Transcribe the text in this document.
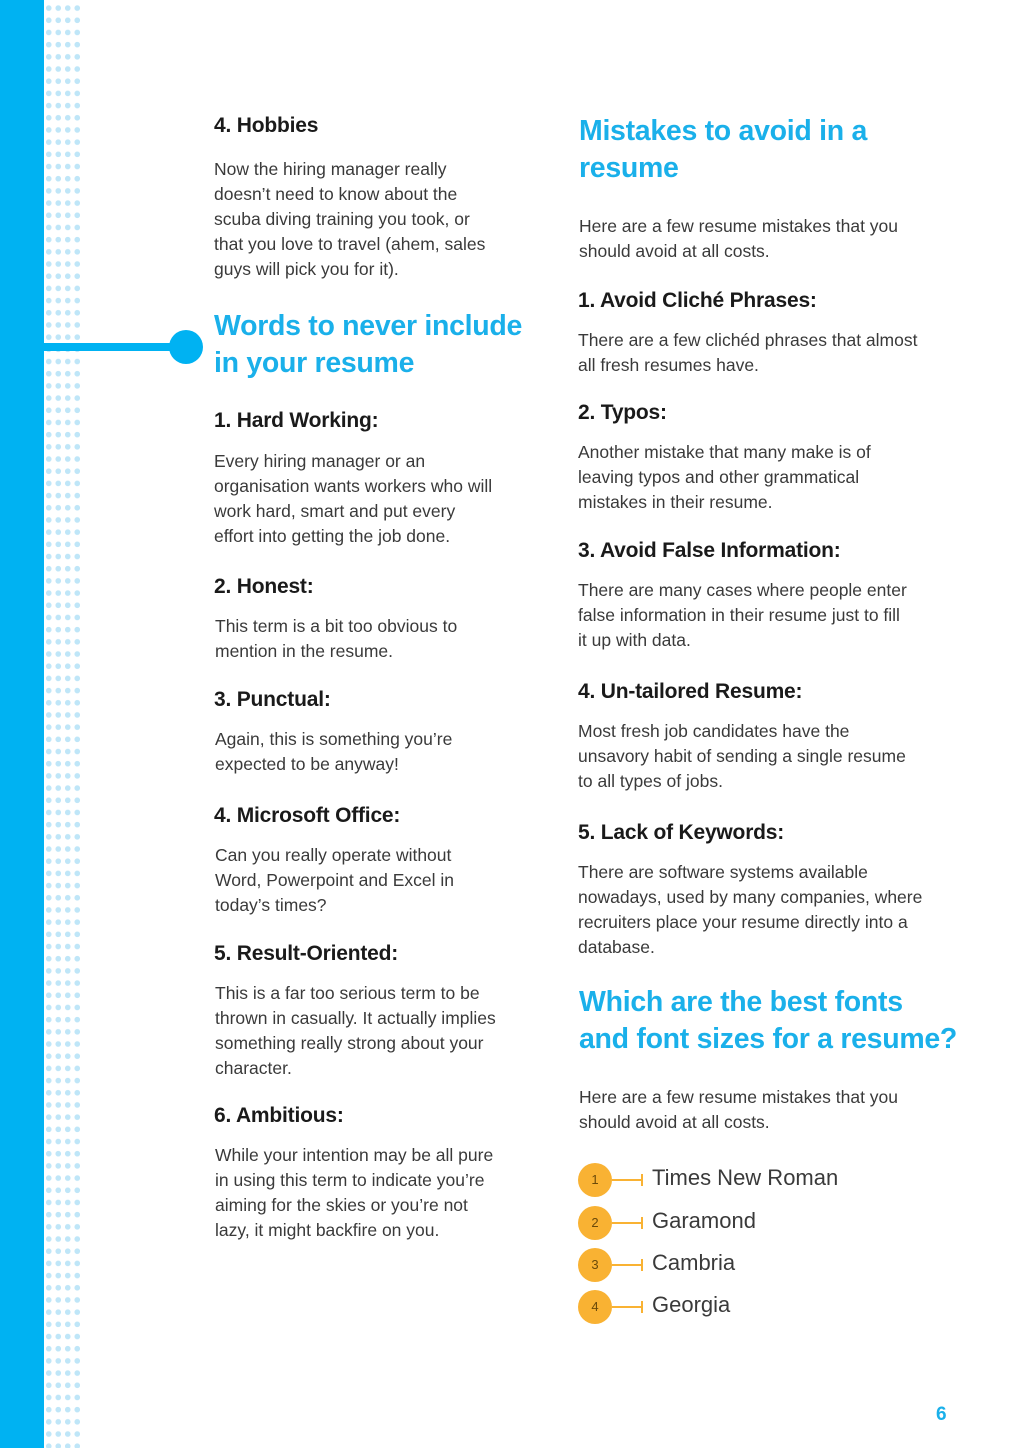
4. Hobbies
Now the hiring manager really
doesn’t need to know about the
scuba diving training you took, or
that you love to travel (ahem, sales
guys will pick you for it).
Words to never include
in your resume
1. Hard Working:
Every hiring manager or an
organisation wants workers who will
work hard, smart and put every
effort into getting the job done.
2. Honest:
This term is a bit too obvious to
mention in the resume.
3. Punctual:
Again, this is something you’re
expected to be anyway!
4. Microsoft Office:
Can you really operate without
Word, Powerpoint and Excel in
today’s times?
5. Result-Oriented:
This is a far too serious term to be
thrown in casually. It actually implies
something really strong about your
character.
6. Ambitious:
While your intention may be all pure
in using this term to indicate you’re
aiming for the skies or you’re not
lazy, it might backfire on you.
Mistakes to avoid in a
resume
Here are a few resume mistakes that you
should avoid at all costs.
1. Avoid Cliché Phrases:
There are a few clichéd phrases that almost
all fresh resumes have.
2. Typos:
Another mistake that many make is of
leaving typos and other grammatical
mistakes in their resume.
3. Avoid False Information:
There are many cases where people enter
false information in their resume just to fill
it up with data.
4. Un-tailored Resume:
Most fresh job candidates have the
unsavory habit of sending a single resume
to all types of jobs.
5. Lack of Keywords:
There are software systems available
nowadays, used by many companies, where
recruiters place your resume directly into a
database.
Which are the best fonts
and font sizes for a resume?
Here are a few resume mistakes that you
should avoid at all costs.
1	Times New Roman
2	Garamond
3	Cambria
4	Georgia
6
